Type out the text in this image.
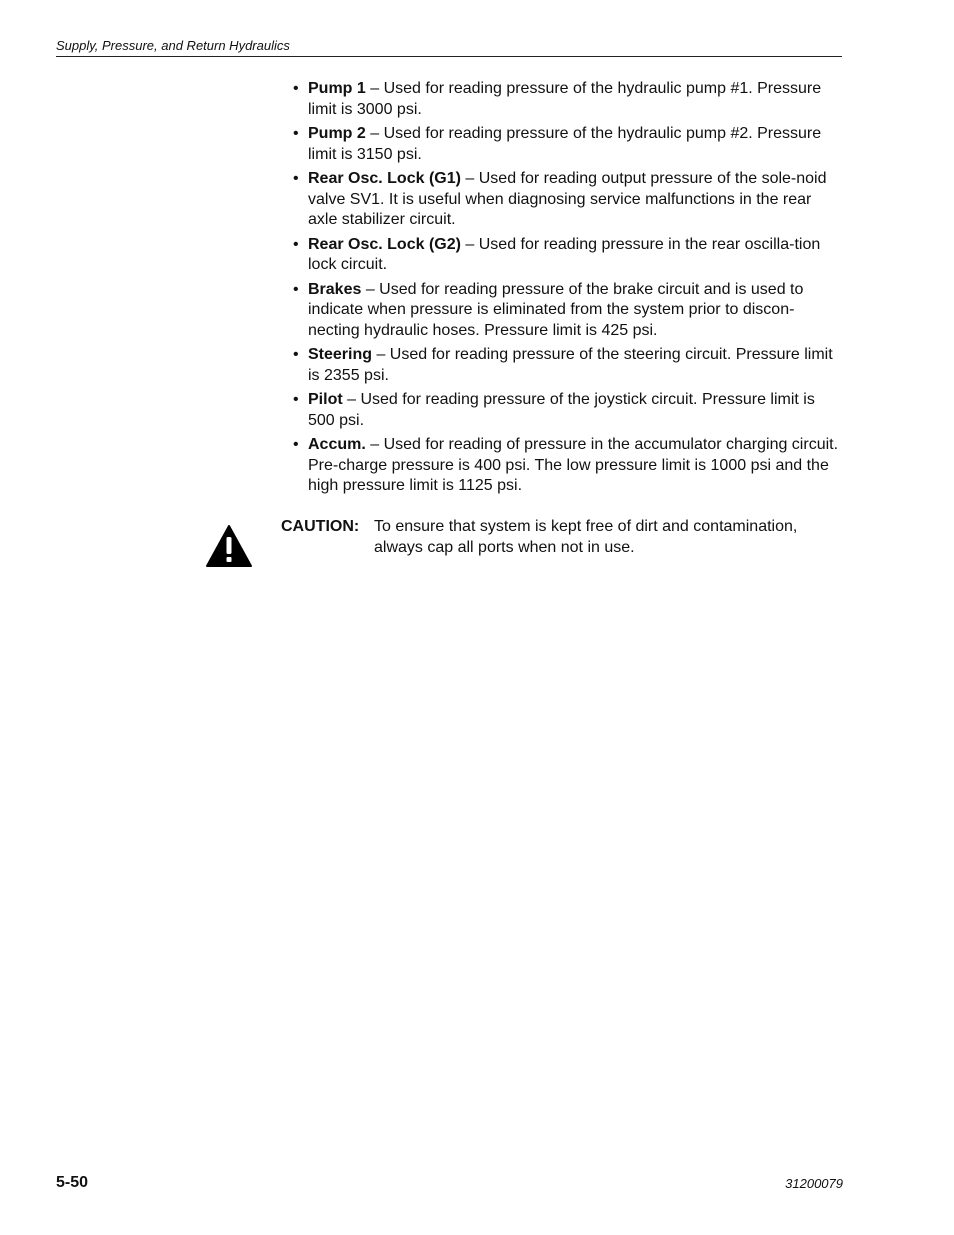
Supply, Pressure, and Return Hydraulics
• Pump 1 – Used for reading pressure of the hydraulic pump #1. Pressure limit is 3000 psi.
• Pump 2 – Used for reading pressure of the hydraulic pump #2. Pressure limit is 3150 psi.
• Rear Osc. Lock (G1) – Used for reading output pressure of the sole-noid valve SV1. It is useful when diagnosing service malfunctions in the rear axle stabilizer circuit.
• Rear Osc. Lock (G2) – Used for reading pressure in the rear oscilla-tion lock circuit.
• Brakes – Used for reading pressure of the brake circuit and is used to indicate when pressure is eliminated from the system prior to discon-necting hydraulic hoses. Pressure limit is 425 psi.
• Steering – Used for reading pressure of the steering circuit. Pressure limit is 2355 psi.
• Pilot – Used for reading pressure of the joystick circuit. Pressure limit is 500 psi.
• Accum. – Used for reading of pressure in the accumulator charging circuit. Pre-charge pressure is 400 psi. The low pressure limit is 1000 psi and the high pressure limit is 1125 psi.
CAUTION: To ensure that system is kept free of dirt and contamination, always cap all ports when not in use.
5-50	31200079
